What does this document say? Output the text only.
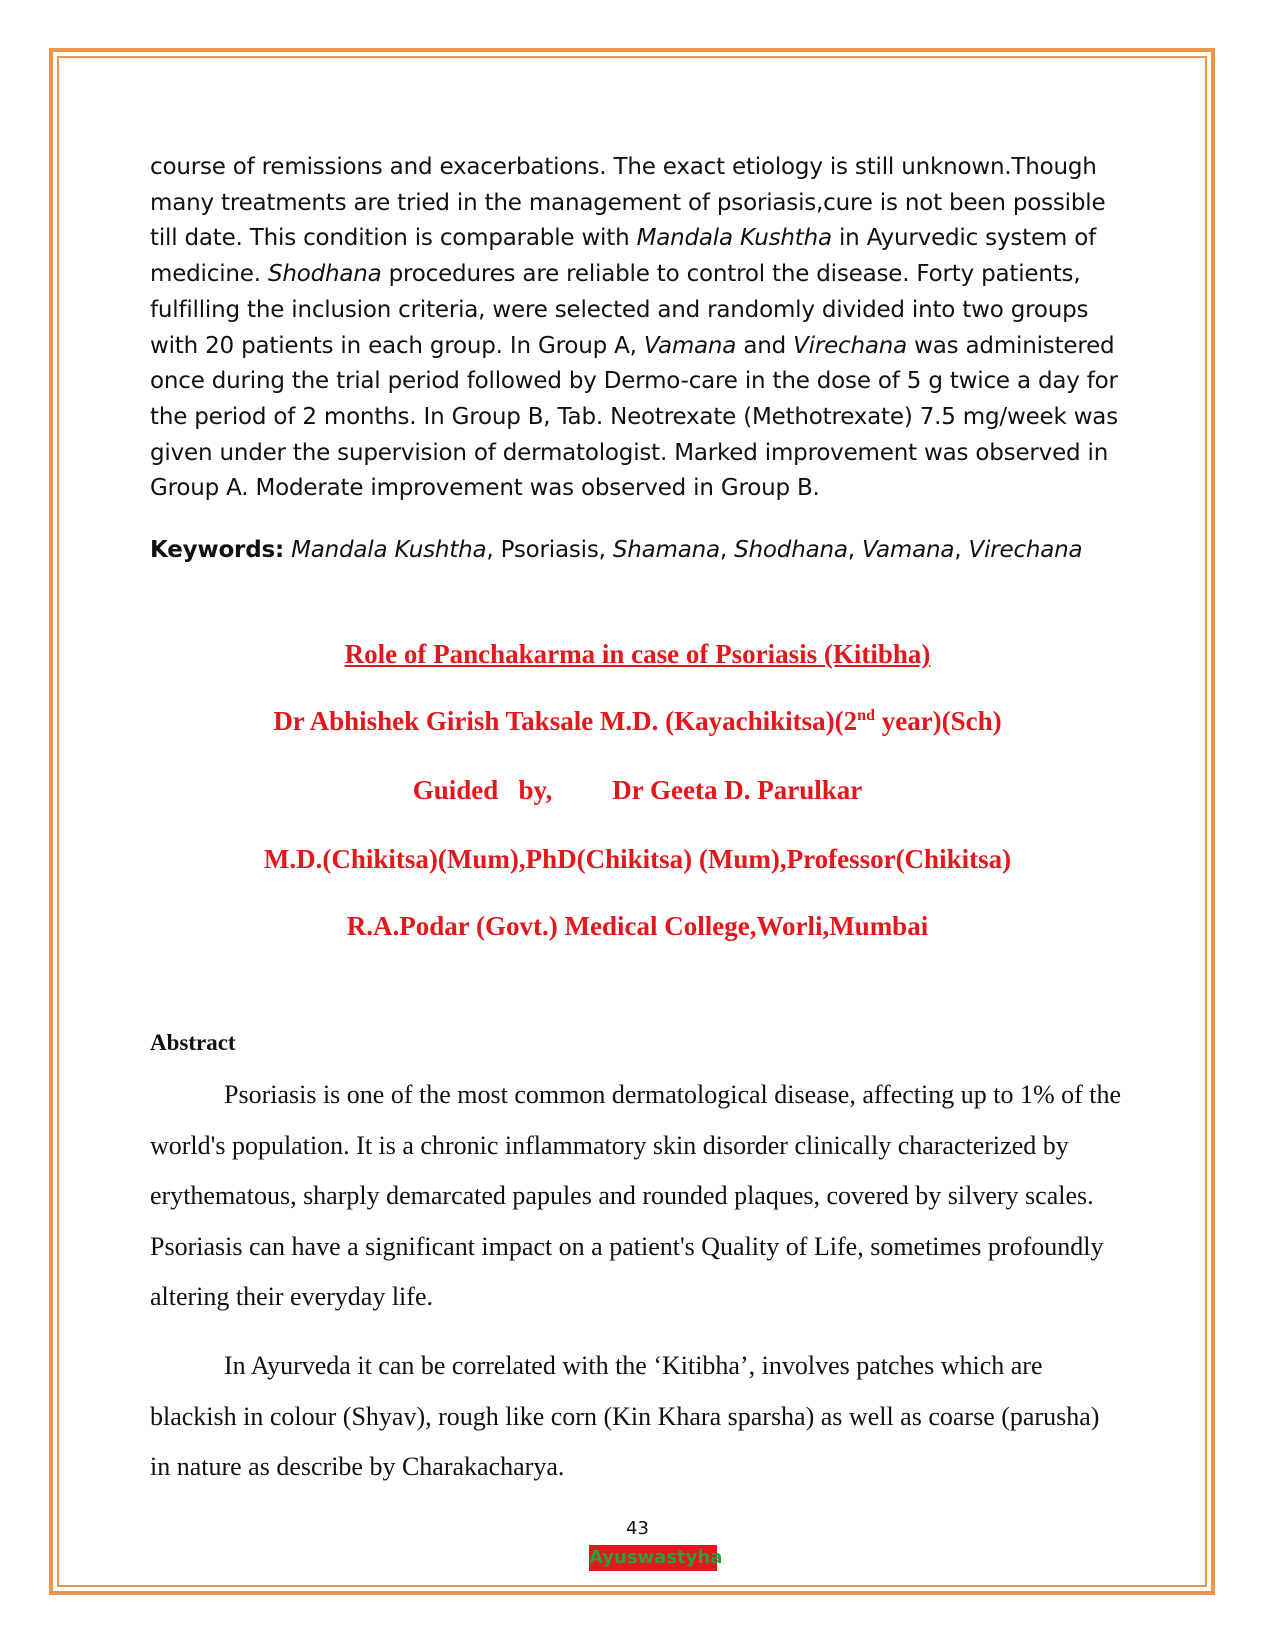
course of remissions and exacerbations. The exact etiology is still unknown.Though many treatments are tried in the management of psoriasis,cure is not been possible till date. This condition is comparable with Mandala Kushtha in Ayurvedic system of medicine. Shodhana procedures are reliable to control the disease. Forty patients, fulfilling the inclusion criteria, were selected and randomly divided into two groups with 20 patients in each group. In Group A, Vamana and Virechana was administered once during the trial period followed by Dermo-care in the dose of 5 g twice a day for the period of 2 months. In Group B, Tab. Neotrexate (Methotrexate) 7.5 mg/week was given under the supervision of dermatologist. Marked improvement was observed in Group A. Moderate improvement was observed in Group B.

Keywords: Mandala Kushtha, Psoriasis, Shamana, Shodhana, Vamana, Virechana

Role of Panchakarma in case of Psoriasis (Kitibha)
Dr Abhishek Girish Taksale M.D. (Kayachikitsa)(2nd year)(Sch)
Guided   by, Dr Geeta D. Parulkar
M.D.(Chikitsa)(Mum),PhD(Chikitsa) (Mum),Professor(Chikitsa)
R.A.Podar (Govt.) Medical College,Worli,Mumbai
Abstract

Psoriasis is one of the most common dermatological disease, affecting up to 1% of the world's population. It is a chronic inflammatory skin disorder clinically characterized by erythematous, sharply demarcated papules and rounded plaques, covered by silvery scales. Psoriasis can have a significant impact on a patient's Quality of Life, sometimes profoundly altering their everyday life.

In Ayurveda it can be correlated with the ‘Kitibha’, involves patches which are blackish in colour (Shyav), rough like corn (Kin Khara sparsha) as well as coarse (parusha) in nature as describe by Charakacharya.

43
Ayuswastyha
